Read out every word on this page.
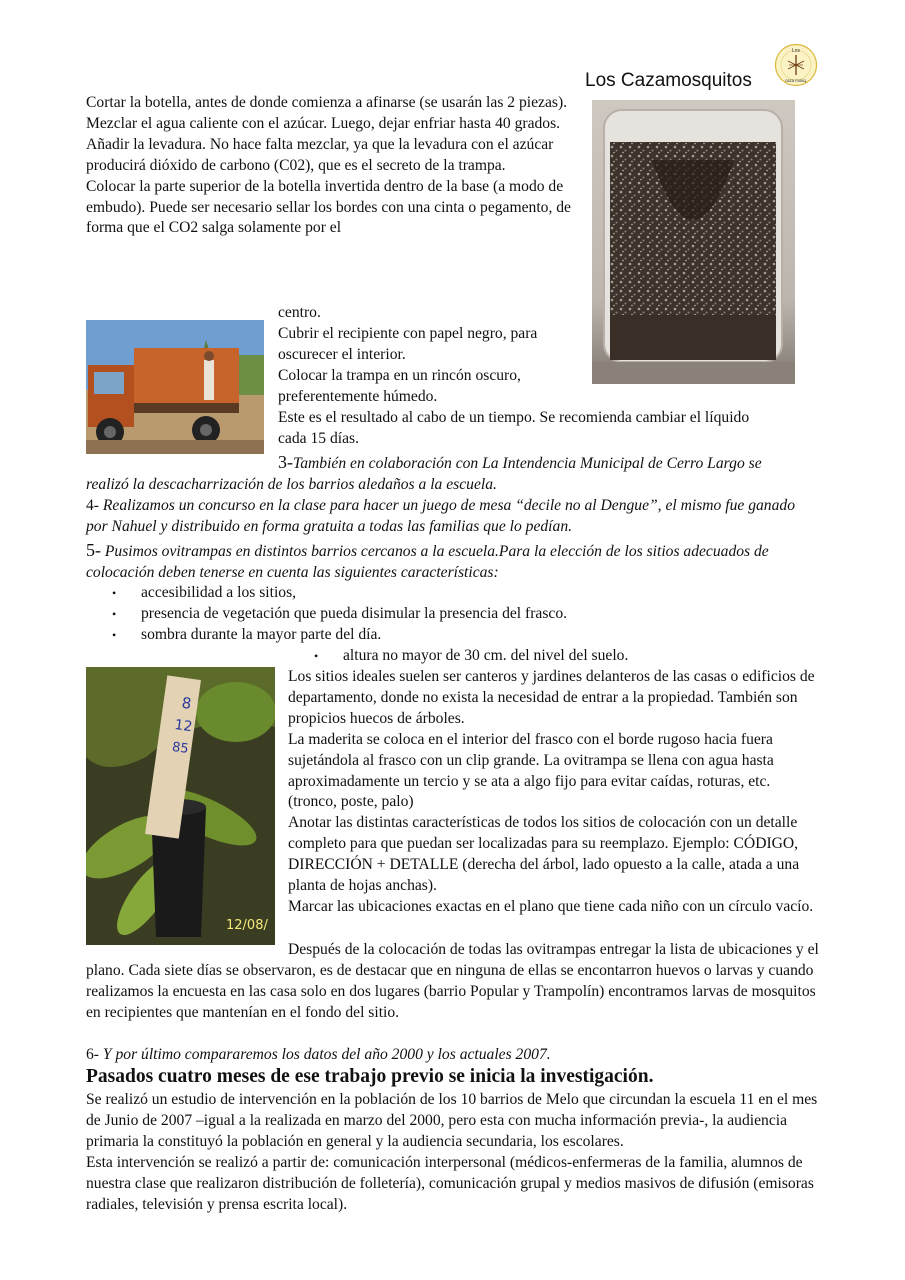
Los Cazamosquitos
Los
caza mosq.

Cortar la botella, antes de donde comienza a afinarse (se usarán las 2 piezas).

Mezclar el agua caliente con el azúcar. Luego, dejar enfriar hasta 40 grados.

Añadir la levadura. No hace falta mezclar, ya que la levadura con el azúcar producirá dióxido de carbono (C02), que es el secreto de la trampa.

Colocar la parte superior de la botella invertida dentro de la base (a modo de embudo). Puede ser necesario sellar los bordes con una cinta o pegamento, de forma que el CO2 salga solamente por el

centro.

Cubrir el recipiente con papel negro, para oscurecer el interior.

Colocar la trampa en un rincón oscuro, preferentemente húmedo.

Este es el resultado al cabo de un tiempo. Se recomienda cambiar el líquido cada 15 días.

3-También en colaboración con La Intendencia Municipal de Cerro Largo se realizó la descacharrización de los barrios aledaños a la escuela.
4- Realizamos un concurso en la clase para hacer un juego de mesa “decile no al Dengue”, el mismo fue ganado por Nahuel y distribuido en forma gratuita a todas las familias que lo pedían.
5- Pusimos ovitrampas en distintos barrios cercanos a la escuela.Para la elección de los sitios adecuados de colocación deben tenerse en cuenta las siguientes características:
• accesibilidad a los sitios,
• presencia de vegetación que pueda disimular la presencia del frasco.
• sombra durante la mayor parte del día.
• altura no mayor de 30 cm. del nivel del suelo.
8
12
85
12/08/

Los sitios ideales suelen ser canteros y jardines delanteros de las casas o edificios de departamento, donde no exista la necesidad de entrar a la propiedad. También son propicios huecos de árboles.

La maderita se coloca en el interior del frasco con el borde rugoso hacia fuera sujetándola al frasco con un clip grande. La ovitrampa se llena con agua hasta aproximadamente un tercio y se ata a algo fijo para evitar caídas, roturas, etc. (tronco, poste, palo)

Anotar las distintas características de todos los sitios de colocación con un detalle completo para que puedan ser localizadas para su reemplazo. Ejemplo: CÓDIGO, DIRECCIÓN + DETALLE (derecha del árbol, lado opuesto a la calle, atada a una planta de hojas anchas).

Marcar las ubicaciones exactas en el plano que tiene cada niño con un círculo vacío.

Después de la colocación de todas las ovitrampas entregar la lista de ubicaciones y el plano. Cada siete días se observaron, es de destacar que en ninguna de ellas se encontarron huevos o larvas y cuando realizamos la encuesta en las casa solo en dos lugares (barrio Popular y Trampolín) encontramos larvas de mosquitos en recipientes que mantenían en el fondo del sitio.

6- Y por último compararemos los datos del año 2000 y los actuales 2007.
Pasados cuatro meses de ese trabajo previo se inicia la investigación.

Se realizó un estudio de intervención en la población de los 10 barrios de Melo que circundan la escuela 11 en el mes de Junio de 2007 –igual a la realizada en marzo del 2000, pero esta con mucha información previa-, la audiencia primaria la constituyó la población en general y la audiencia secundaria, los escolares.

Esta intervención se realizó a partir de: comunicación interpersonal (médicos-enfermeras de la familia, alumnos de nuestra clase que realizaron distribución de folletería), comunicación grupal y medios masivos de difusión (emisoras radiales, televisión y prensa escrita local).
